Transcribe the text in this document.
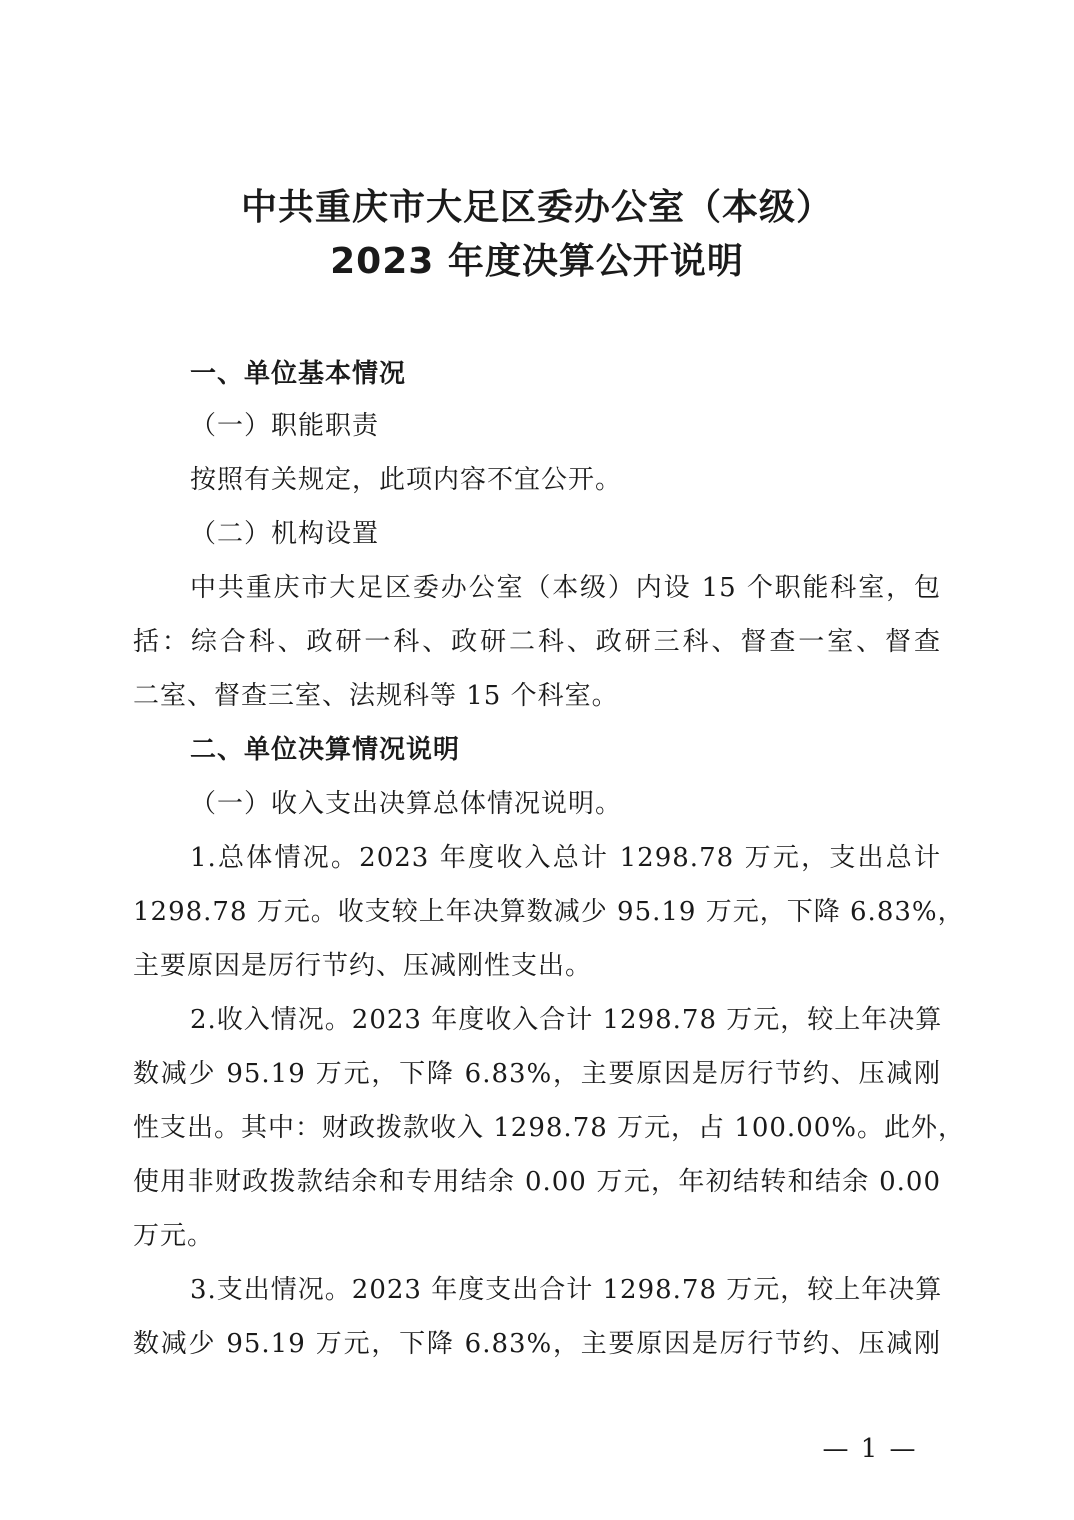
中共重庆市大足区委办公室（本级）
2023 年度决算公开说明
一、单位基本情况
（一）职能职责
按照有关规定，此项内容不宜公开。
（二）机构设置
中共重庆市大足区委办公室（本级）内设 15 个职能科室，包
括：综合科、政研一科、政研二科、政研三科、督查一室、督查
二室、督查三室、法规科等 15 个科室。
二、单位决算情况说明
（一）收入支出决算总体情况说明。
1.总体情况。2023 年度收入总计 1298.78 万元，支出总计
1298.78 万元。收支较上年决算数减少 95.19 万元，下降 6.83%，
主要原因是厉行节约、压减刚性支出。
2.收入情况。2023 年度收入合计 1298.78 万元，较上年决算
数减少 95.19 万元，下降 6.83%，主要原因是厉行节约、压减刚
性支出。其中：财政拨款收入 1298.78 万元，占 100.00%。此外，
使用非财政拨款结余和专用结余 0.00 万元，年初结转和结余 0.00
万元。
3.支出情况。2023 年度支出合计 1298.78 万元，较上年决算
数减少 95.19 万元，下降 6.83%，主要原因是厉行节约、压减刚
— 1 —
